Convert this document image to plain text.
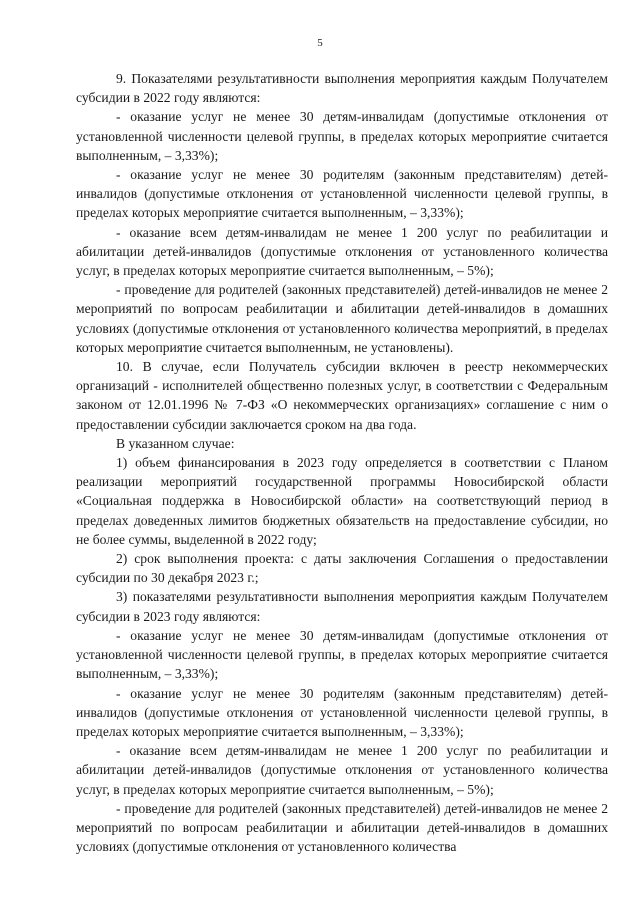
5

9. Показателями результативности выполнения мероприятия каждым Получателем субсидии в 2022 году являются:

- оказание услуг не менее 30 детям-инвалидам (допустимые отклонения от установленной численности целевой группы, в пределах которых мероприятие считается выполненным, – 3,33%);

- оказание услуг не менее 30 родителям (законным представителям) детей-инвалидов (допустимые отклонения от установленной численности целевой группы, в пределах которых мероприятие считается выполненным, – 3,33%);

- оказание всем детям-инвалидам не менее 1 200 услуг по реабилитации и абилитации детей-инвалидов (допустимые отклонения от установленного количества услуг, в пределах которых мероприятие считается выполненным, – 5%);

- проведение для родителей (законных представителей) детей-инвалидов не менее 2 мероприятий по вопросам реабилитации и абилитации детей-инвалидов в домашних условиях (допустимые отклонения от установленного количества мероприятий, в пределах которых мероприятие считается выполненным, не установлены).

10. В случае, если Получатель субсидии включен в реестр некоммерческих организаций - исполнителей общественно полезных услуг, в соответствии с Федеральным законом от 12.01.1996 № 7-ФЗ «О некоммерческих организациях» соглашение с ним о предоставлении субсидии заключается сроком на два года.

В указанном случае:

1) объем финансирования в 2023 году определяется в соответствии с Планом реализации мероприятий государственной программы Новосибирской области «Социальная поддержка в Новосибирской области» на соответствующий период в пределах доведенных лимитов бюджетных обязательств на предоставление субсидии, но не более суммы, выделенной в 2022 году;

2) срок выполнения проекта: с даты заключения Соглашения о предоставлении субсидии по 30 декабря 2023 г.;

3) показателями результативности выполнения мероприятия каждым Получателем субсидии в 2023 году являются:

- оказание услуг не менее 30 детям-инвалидам (допустимые отклонения от установленной численности целевой группы, в пределах которых мероприятие считается выполненным, – 3,33%);

- оказание услуг не менее 30 родителям (законным представителям) детей-инвалидов (допустимые отклонения от установленной численности целевой группы, в пределах которых мероприятие считается выполненным, – 3,33%);

- оказание всем детям-инвалидам не менее 1 200 услуг по реабилитации и абилитации детей-инвалидов (допустимые отклонения от установленного количества услуг, в пределах которых мероприятие считается выполненным, – 5%);

- проведение для родителей (законных представителей) детей-инвалидов не менее 2 мероприятий по вопросам реабилитации и абилитации детей-инвалидов в домашних условиях (допустимые отклонения от установленного количества
